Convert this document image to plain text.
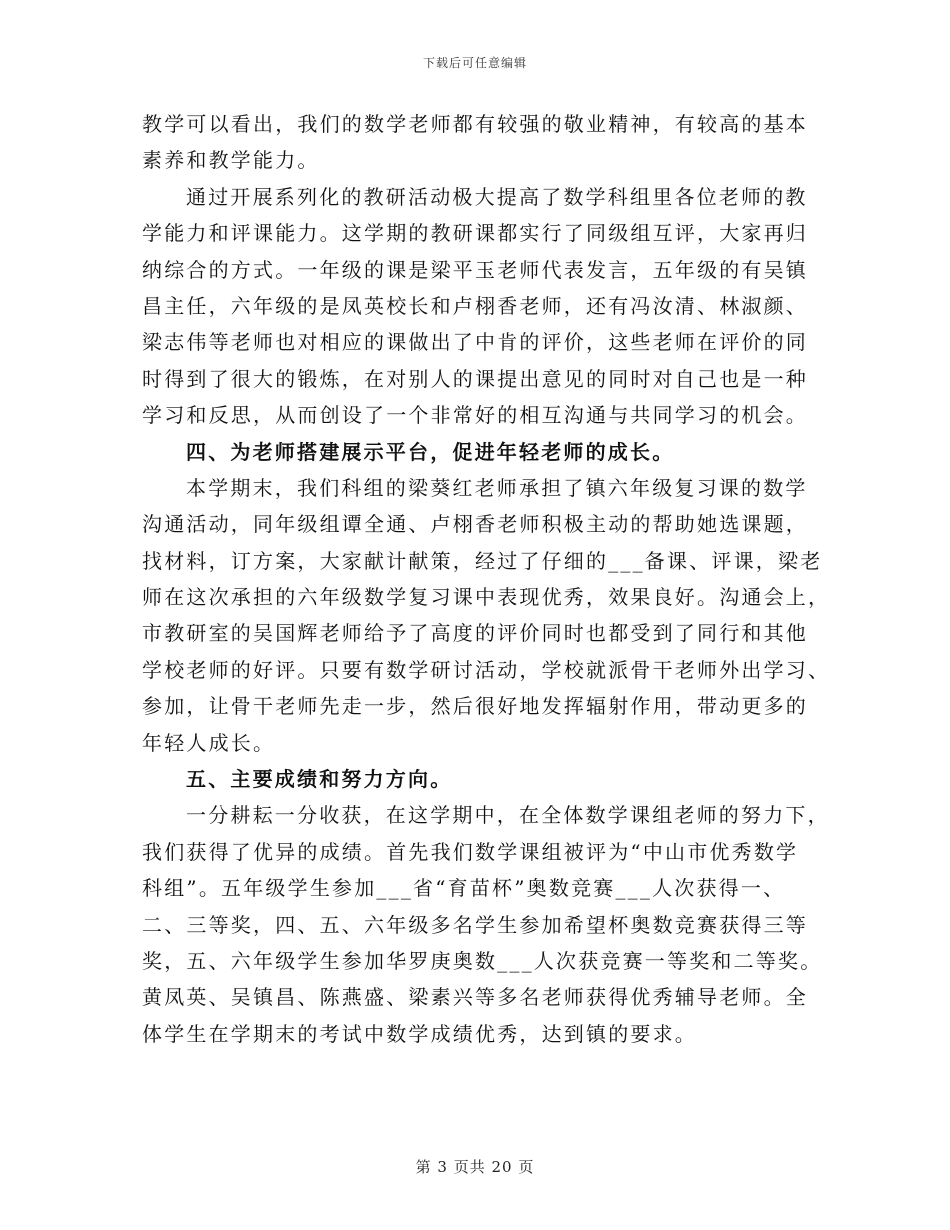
下载后可任意编辑
教学可以看出，我们的数学老师都有较强的敬业精神，有较高的基本
素养和教学能力。
通过开展系列化的教研活动极大提高了数学科组里各位老师的教
学能力和评课能力。这学期的教研课都实行了同级组互评，大家再归
纳综合的方式。一年级的课是梁平玉老师代表发言，五年级的有吴镇
昌主任，六年级的是凤英校长和卢栩香老师，还有冯汝清、林淑颜、
梁志伟等老师也对相应的课做出了中肯的评价，这些老师在评价的同
时得到了很大的锻炼，在对别人的课提出意见的同时对自己也是一种
学习和反思，从而创设了一个非常好的相互沟通与共同学习的机会。
四、为老师搭建展示平台，促进年轻老师的成长。
本学期末，我们科组的梁葵红老师承担了镇六年级复习课的数学
沟通活动，同年级组谭全通、卢栩香老师积极主动的帮助她选课题，
找材料，订方案，大家献计献策，经过了仔细的___备课、评课，梁老
师在这次承担的六年级数学复习课中表现优秀，效果良好。沟通会上，
市教研室的吴国辉老师给予了高度的评价同时也都受到了同行和其他
学校老师的好评。只要有数学研讨活动，学校就派骨干老师外出学习、
参加，让骨干老师先走一步，然后很好地发挥辐射作用，带动更多的
年轻人成长。
五、主要成绩和努力方向。
一分耕耘一分收获，在这学期中，在全体数学课组老师的努力下，
我们获得了优异的成绩。首先我们数学课组被评为“中山市优秀数学
科组”。五年级学生参加___省“育苗杯”奥数竞赛___人次获得一、
二、三等奖，四、五、六年级多名学生参加希望杯奥数竞赛获得三等
奖，五、六年级学生参加华罗庚奥数___人次获竞赛一等奖和二等奖。
黄凤英、吴镇昌、陈燕盛、梁素兴等多名老师获得优秀辅导老师。全
体学生在学期末的考试中数学成绩优秀，达到镇的要求。
第 3 页共 20 页
